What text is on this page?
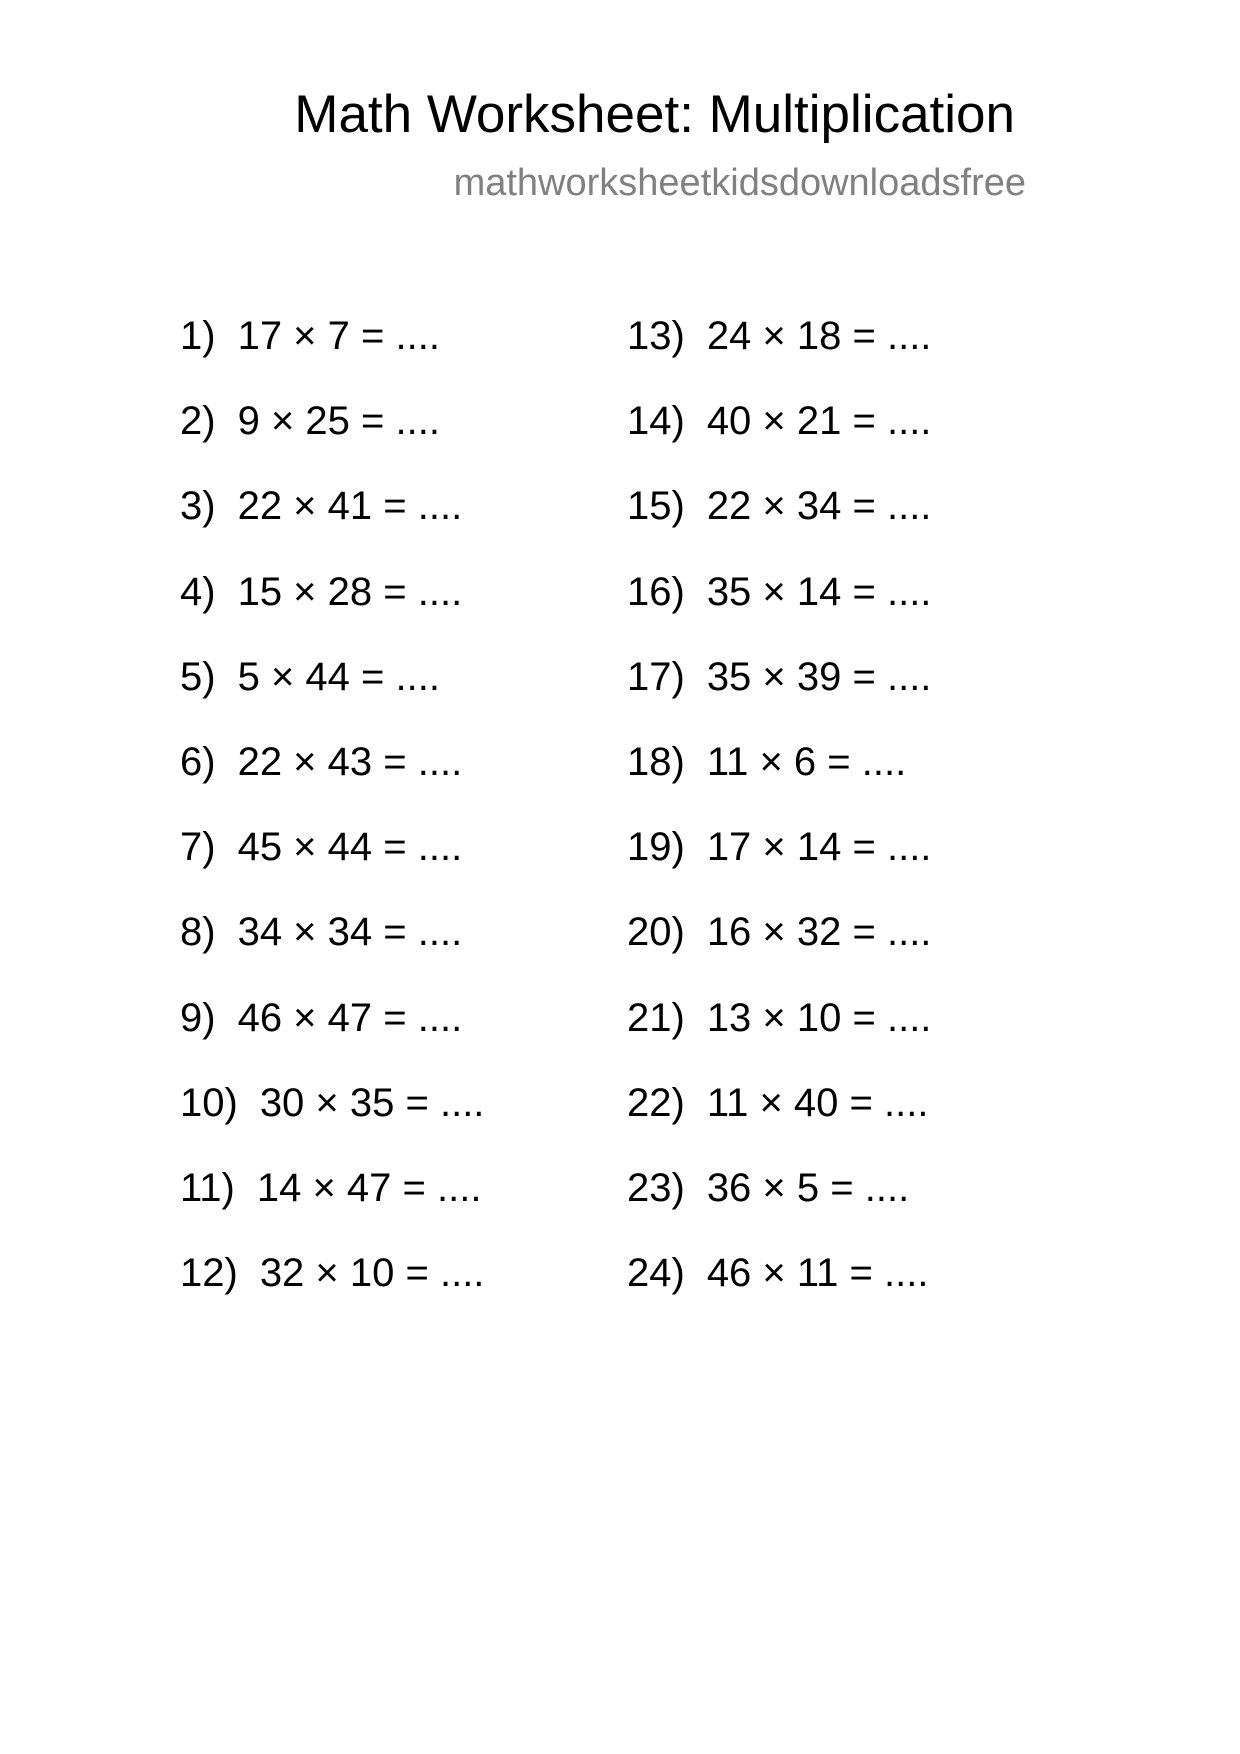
Math Worksheet: Multiplication
mathworksheetkidsdownloadsfree
1) 17 × 7 = ....
2) 9 × 25 = ....
3) 22 × 41 = ....
4) 15 × 28 = ....
5) 5 × 44 = ....
6) 22 × 43 = ....
7) 45 × 44 = ....
8) 34 × 34 = ....
9) 46 × 47 = ....
10) 30 × 35 = ....
11) 14 × 47 = ....
12) 32 × 10 = ....
13) 24 × 18 = ....
14) 40 × 21 = ....
15) 22 × 34 = ....
16) 35 × 14 = ....
17) 35 × 39 = ....
18) 11 × 6 = ....
19) 17 × 14 = ....
20) 16 × 32 = ....
21) 13 × 10 = ....
22) 11 × 40 = ....
23) 36 × 5 = ....
24) 46 × 11 = ....
